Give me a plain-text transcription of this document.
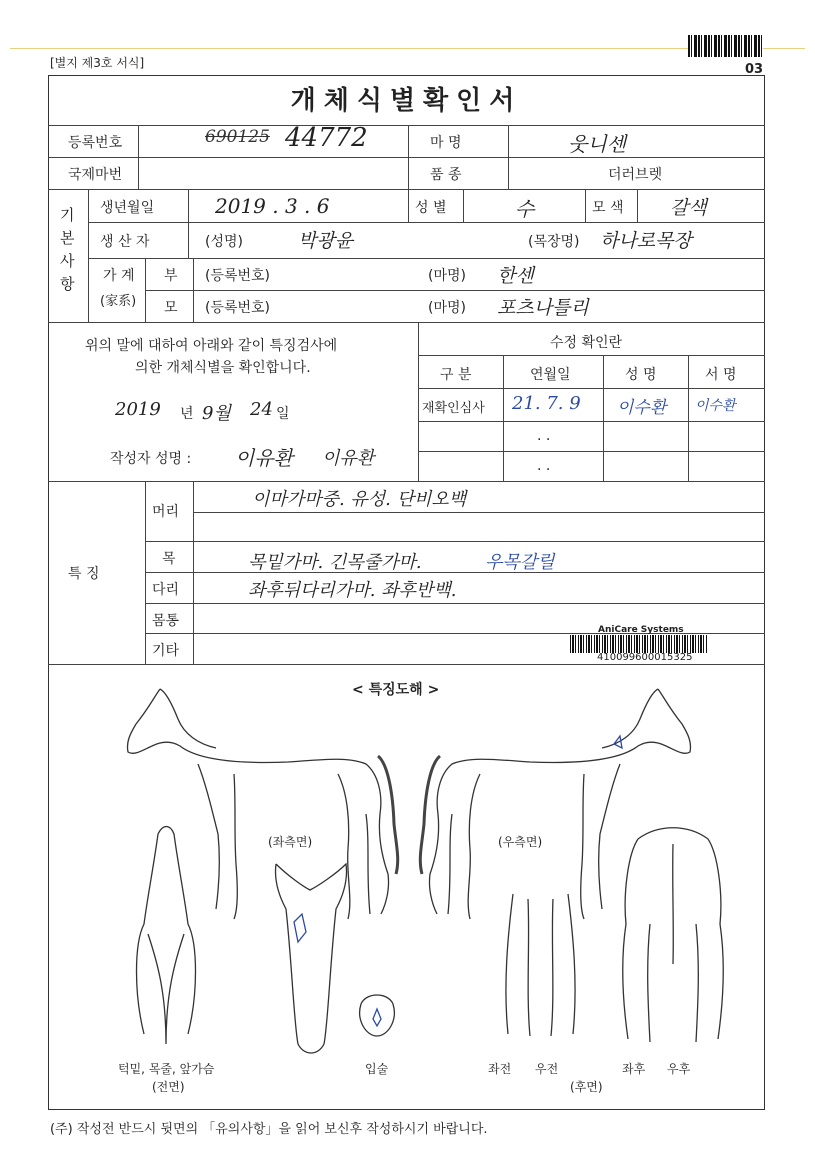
03
[별지 제3호 서식]
개체식별확인서
등록번호	690125 44772	마 명	웃니센
국제마번	품 종	더러브렛
기본사항
생년월일	2019 . 3 . 6	성 별	수	모 색 갈색
생 산 자	(성명)	박광윤	(목장명) 하나로목장
가 계
(家系)
부 (등록번호)	(마명) 한센
모 (등록번호)	(마명) 포츠나틀리
위의 말에 대하여 아래와 같이 특징검사에
의한 개체식별을 확인합니다.
2019 년 9월 24 일
작성자 성명 : 이유환 이유환
수정 확인란
구 분	연월일	성 명	서 명
재확인심사 21. 7. 9 이수환 이수환
. .
. .
특 징
머리
이마가마중. 유성. 단비오백
목	목밑가마. 긴목줄가마.	우목갈릴
다리	좌후뒤다리가마. 좌후반백.
몸통
기타
AniCare Systems
410099600015325
< 특징도해 >
(좌측면)	(우측면)
턱밑, 목줄, 앞가슴
(전면)
입술	좌전 우전	좌후 우후
(후면)
(주) 작성전 반드시 뒷면의 「유의사항」을 읽어 보신후 작성하시기 바랍니다.
